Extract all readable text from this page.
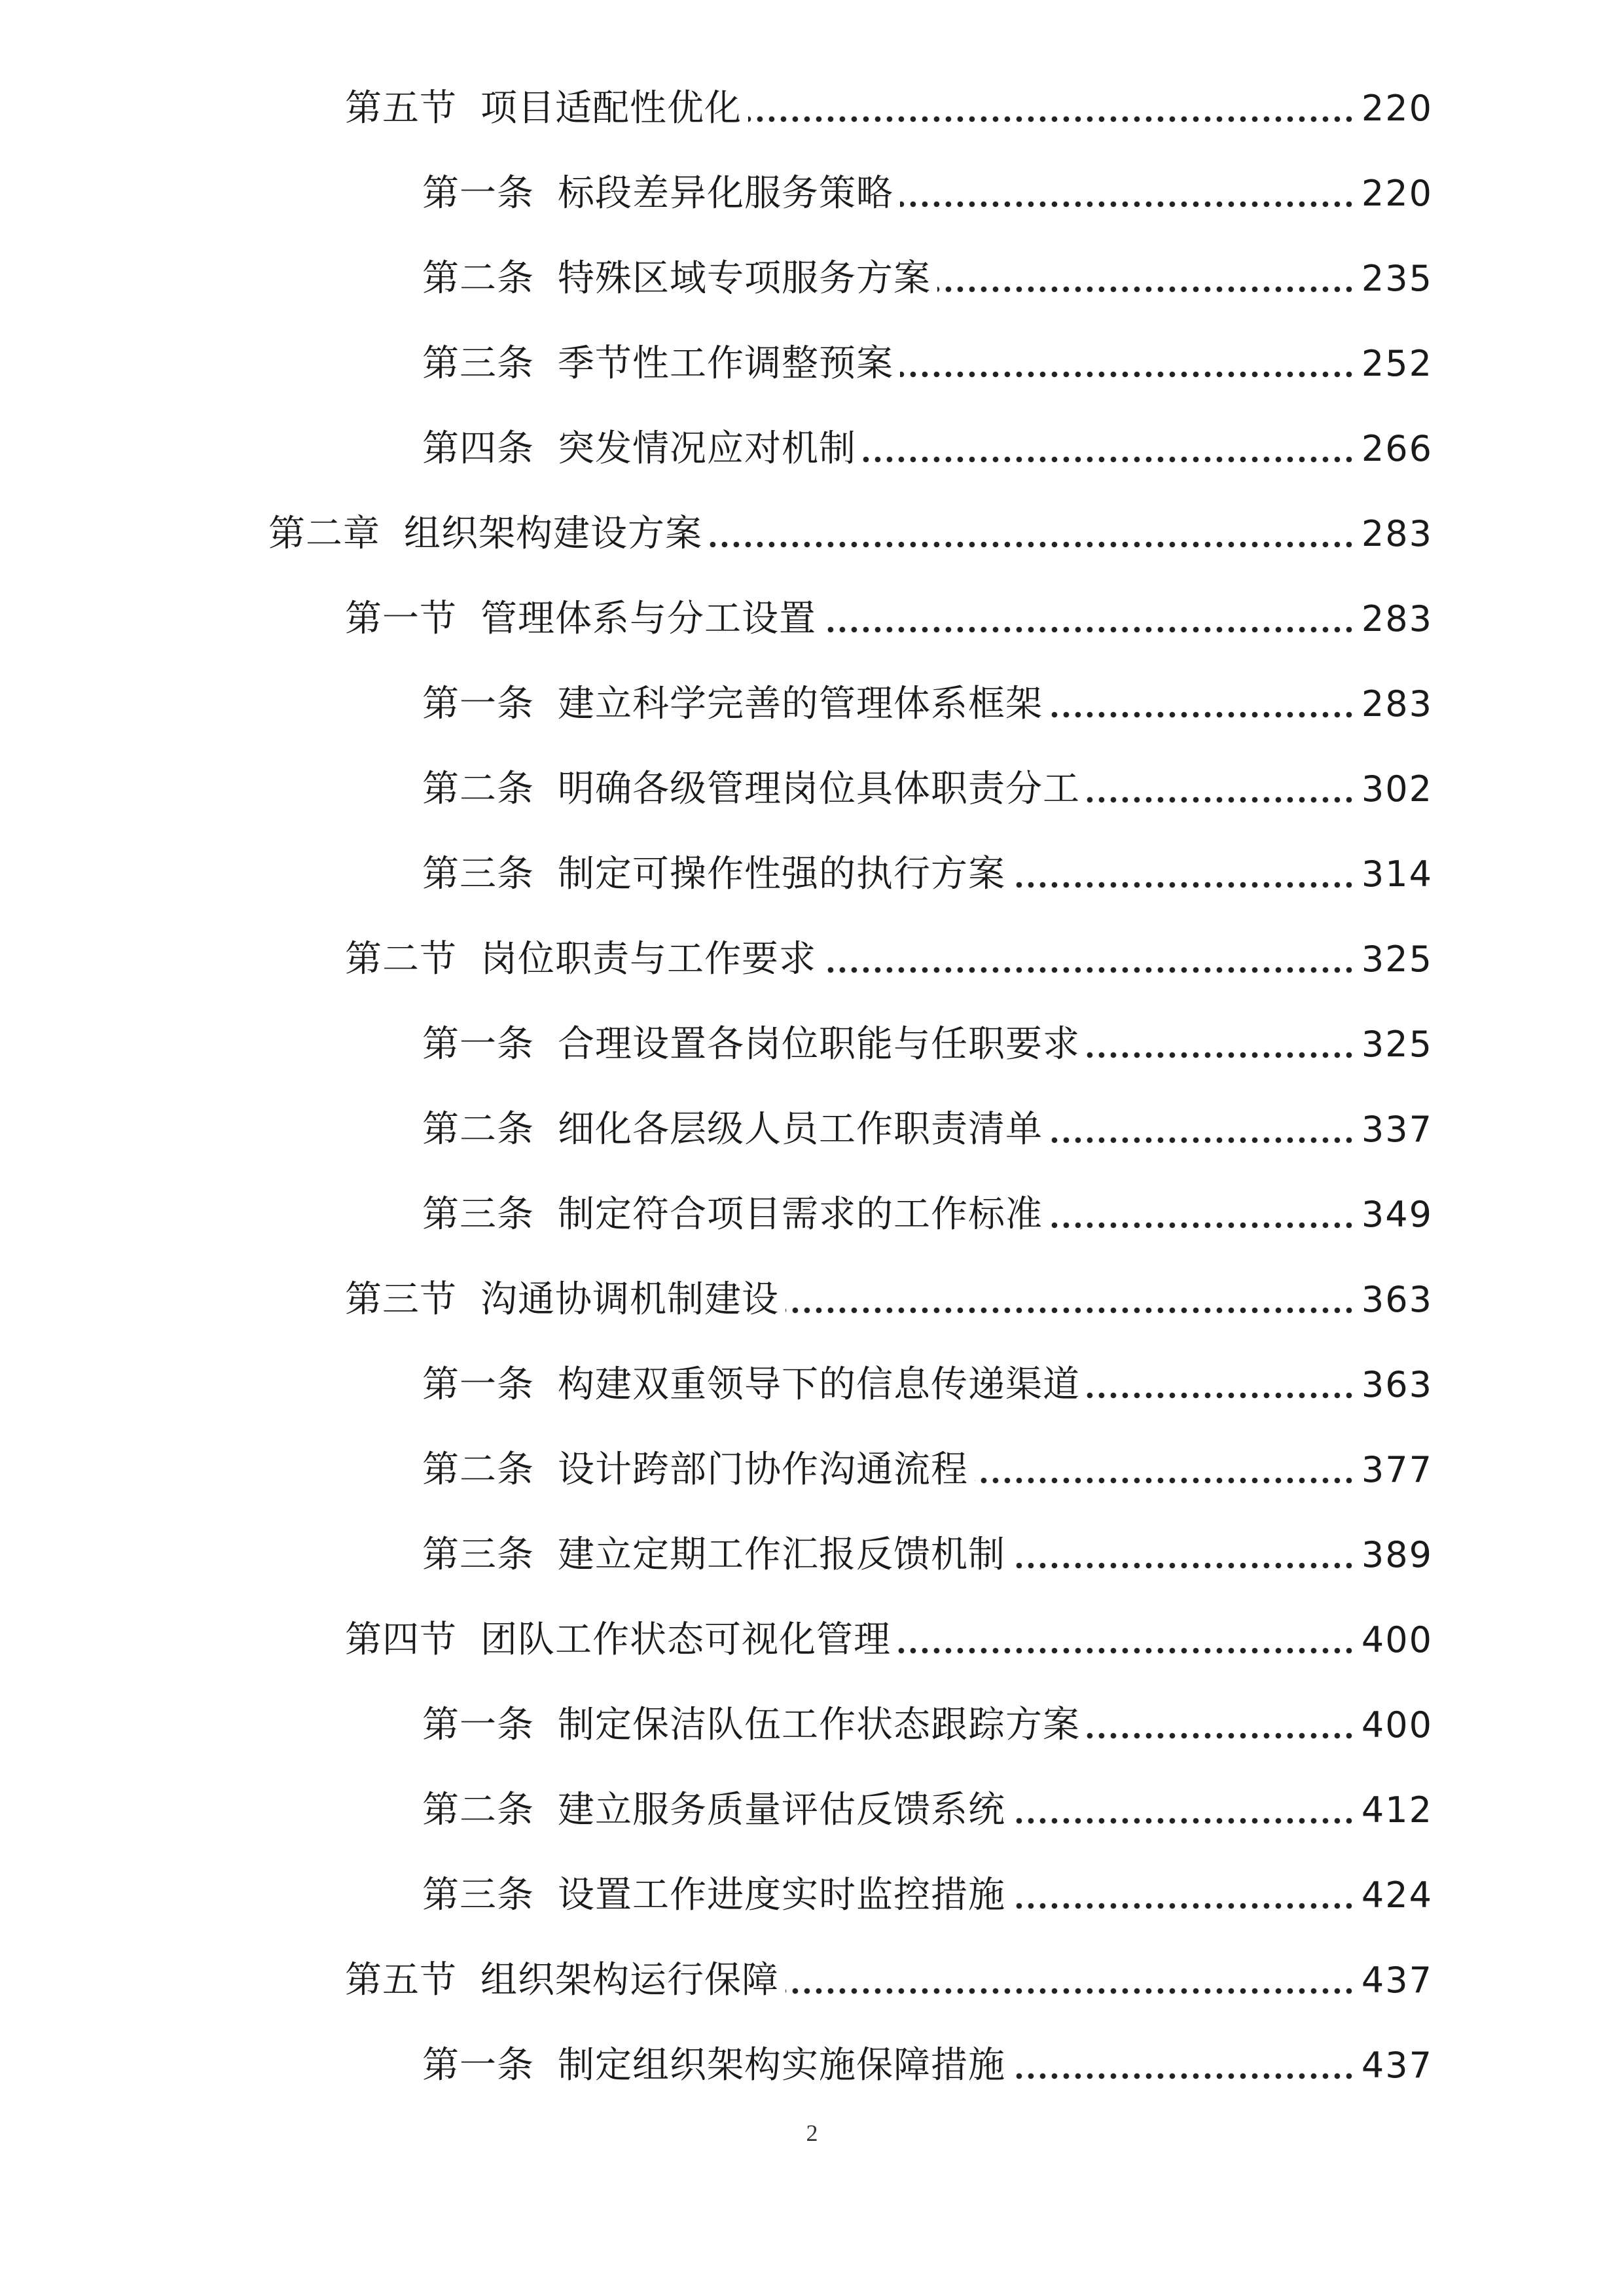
第五节 项目适配性优化	220
第一条 标段差异化服务策略	220
第二条 特殊区域专项服务方案	235
第三条 季节性工作调整预案	252
第四条 突发情况应对机制	266
第二章 组织架构建设方案	283
第一节 管理体系与分工设置	283
第一条 建立科学完善的管理体系框架	283
第二条 明确各级管理岗位具体职责分工	302
第三条 制定可操作性强的执行方案	314
第二节 岗位职责与工作要求	325
第一条 合理设置各岗位职能与任职要求	325
第二条 细化各层级人员工作职责清单	337
第三条 制定符合项目需求的工作标准	349
第三节 沟通协调机制建设	363
第一条 构建双重领导下的信息传递渠道	363
第二条 设计跨部门协作沟通流程	377
第三条 建立定期工作汇报反馈机制	389
第四节 团队工作状态可视化管理	400
第一条 制定保洁队伍工作状态跟踪方案	400
第二条 建立服务质量评估反馈系统	412
第三条 设置工作进度实时监控措施	424
第五节 组织架构运行保障	437
第一条 制定组织架构实施保障措施	437
2
